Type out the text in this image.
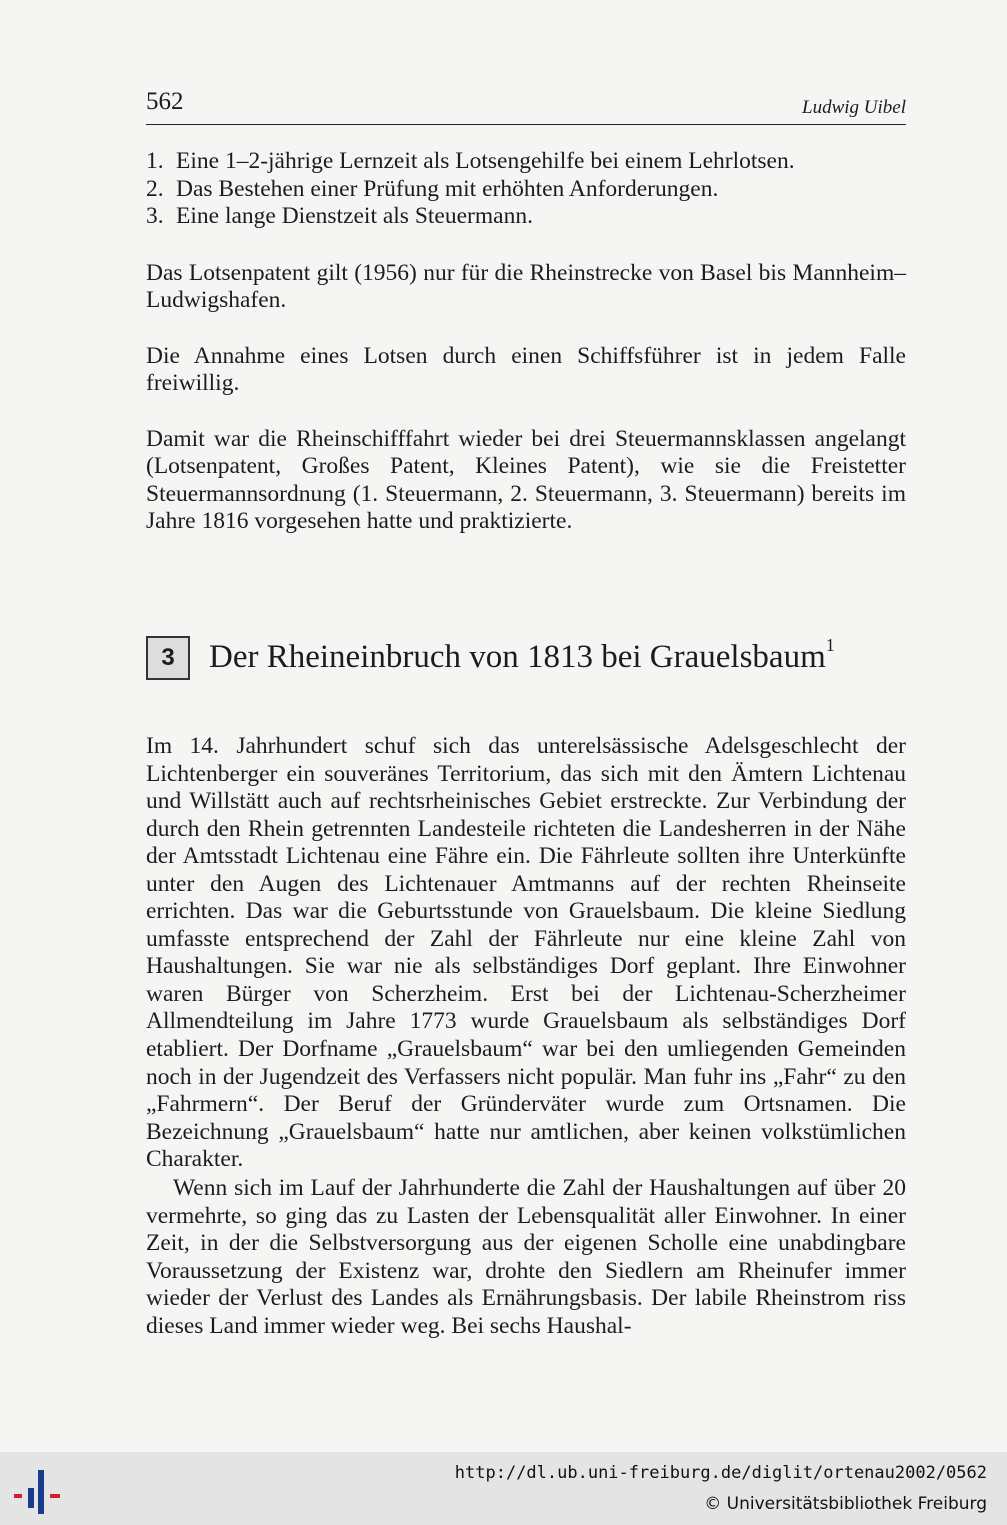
562	Ludwig Uibel
1. Eine 1–2-jährige Lernzeit als Lotsengehilfe bei einem Lehrlotsen.
2. Das Bestehen einer Prüfung mit erhöhten Anforderungen.
3. Eine lange Dienstzeit als Steuermann.

Das Lotsenpatent gilt (1956) nur für die Rheinstrecke von Basel bis Mannheim–Ludwigshafen.

Die Annahme eines Lotsen durch einen Schiffsführer ist in jedem Falle freiwillig.

Damit war die Rheinschifffahrt wieder bei drei Steuermannsklassen angelangt (Lotsenpatent, Großes Patent, Kleines Patent), wie sie die Freistetter Steuermannsordnung (1. Steuermann, 2. Steuermann, 3. Steuermann) bereits im Jahre 1816 vorgesehen hatte und praktizierte.

3	Der Rheineinbruch von 1813 bei Grauelsbaum$^1$

Im 14. Jahrhundert schuf sich das unterelsässische Adelsgeschlecht der Lichtenberger ein souveränes Territorium, das sich mit den Ämtern Lichtenau und Willstätt auch auf rechtsrheinisches Gebiet erstreckte. Zur Verbindung der durch den Rhein getrennten Landesteile richteten die Landesherren in der Nähe der Amtsstadt Lichtenau eine Fähre ein. Die Fährleute sollten ihre Unterkünfte unter den Augen des Lichtenauer Amtmanns auf der rechten Rheinseite errichten. Das war die Geburtsstunde von Grauelsbaum. Die kleine Siedlung umfasste entsprechend der Zahl der Fährleute nur eine kleine Zahl von Haushaltungen. Sie war nie als selbständiges Dorf geplant. Ihre Einwohner waren Bürger von Scherzheim. Erst bei der Lichtenau-Scherzheimer Allmendteilung im Jahre 1773 wurde Grauelsbaum als selbständiges Dorf etabliert. Der Dorfname „Grauelsbaum“ war bei den umliegenden Gemeinden noch in der Jugendzeit des Verfassers nicht populär. Man fuhr ins „Fahr“ zu den „Fahrmern“. Der Beruf der Gründerväter wurde zum Ortsnamen. Die Bezeichnung „Grauelsbaum“ hatte nur amtlichen, aber keinen volkstümlichen Charakter.

Wenn sich im Lauf der Jahrhunderte die Zahl der Haushaltungen auf über 20 vermehrte, so ging das zu Lasten der Lebensqualität aller Einwohner. In einer Zeit, in der die Selbstversorgung aus der eigenen Scholle eine unabdingbare Voraussetzung der Existenz war, drohte den Siedlern am Rheinufer immer wieder der Verlust des Landes als Ernährungsbasis. Der labile Rheinstrom riss dieses Land immer wieder weg. Bei sechs Haushal-

http://dl.ub.uni-freiburg.de/diglit/ortenau2002/0562
© Universitätsbibliothek Freiburg
